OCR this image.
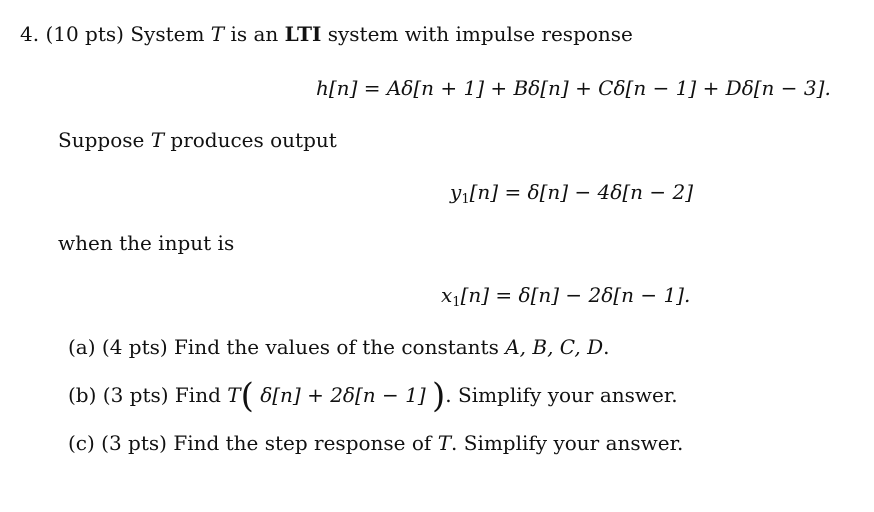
4. (10 pts) System T is an LTI system with impulse response
h[n] = Aδ[n + 1] + Bδ[n] + Cδ[n − 1] + Dδ[n − 3].
Suppose T produces output
$y_1[n] = \delta[n] - 4\delta[n - 2]$
when the input is
$x_1[n] = \delta[n] - 2\delta[n - 1]$.
(a) (4 pts) Find the values of the constants A, B, C, D.
(b) (3 pts) Find T( δ[n] + 2δ[n − 1] ). Simplify your answer.
(c) (3 pts) Find the step response of T. Simplify your answer.
